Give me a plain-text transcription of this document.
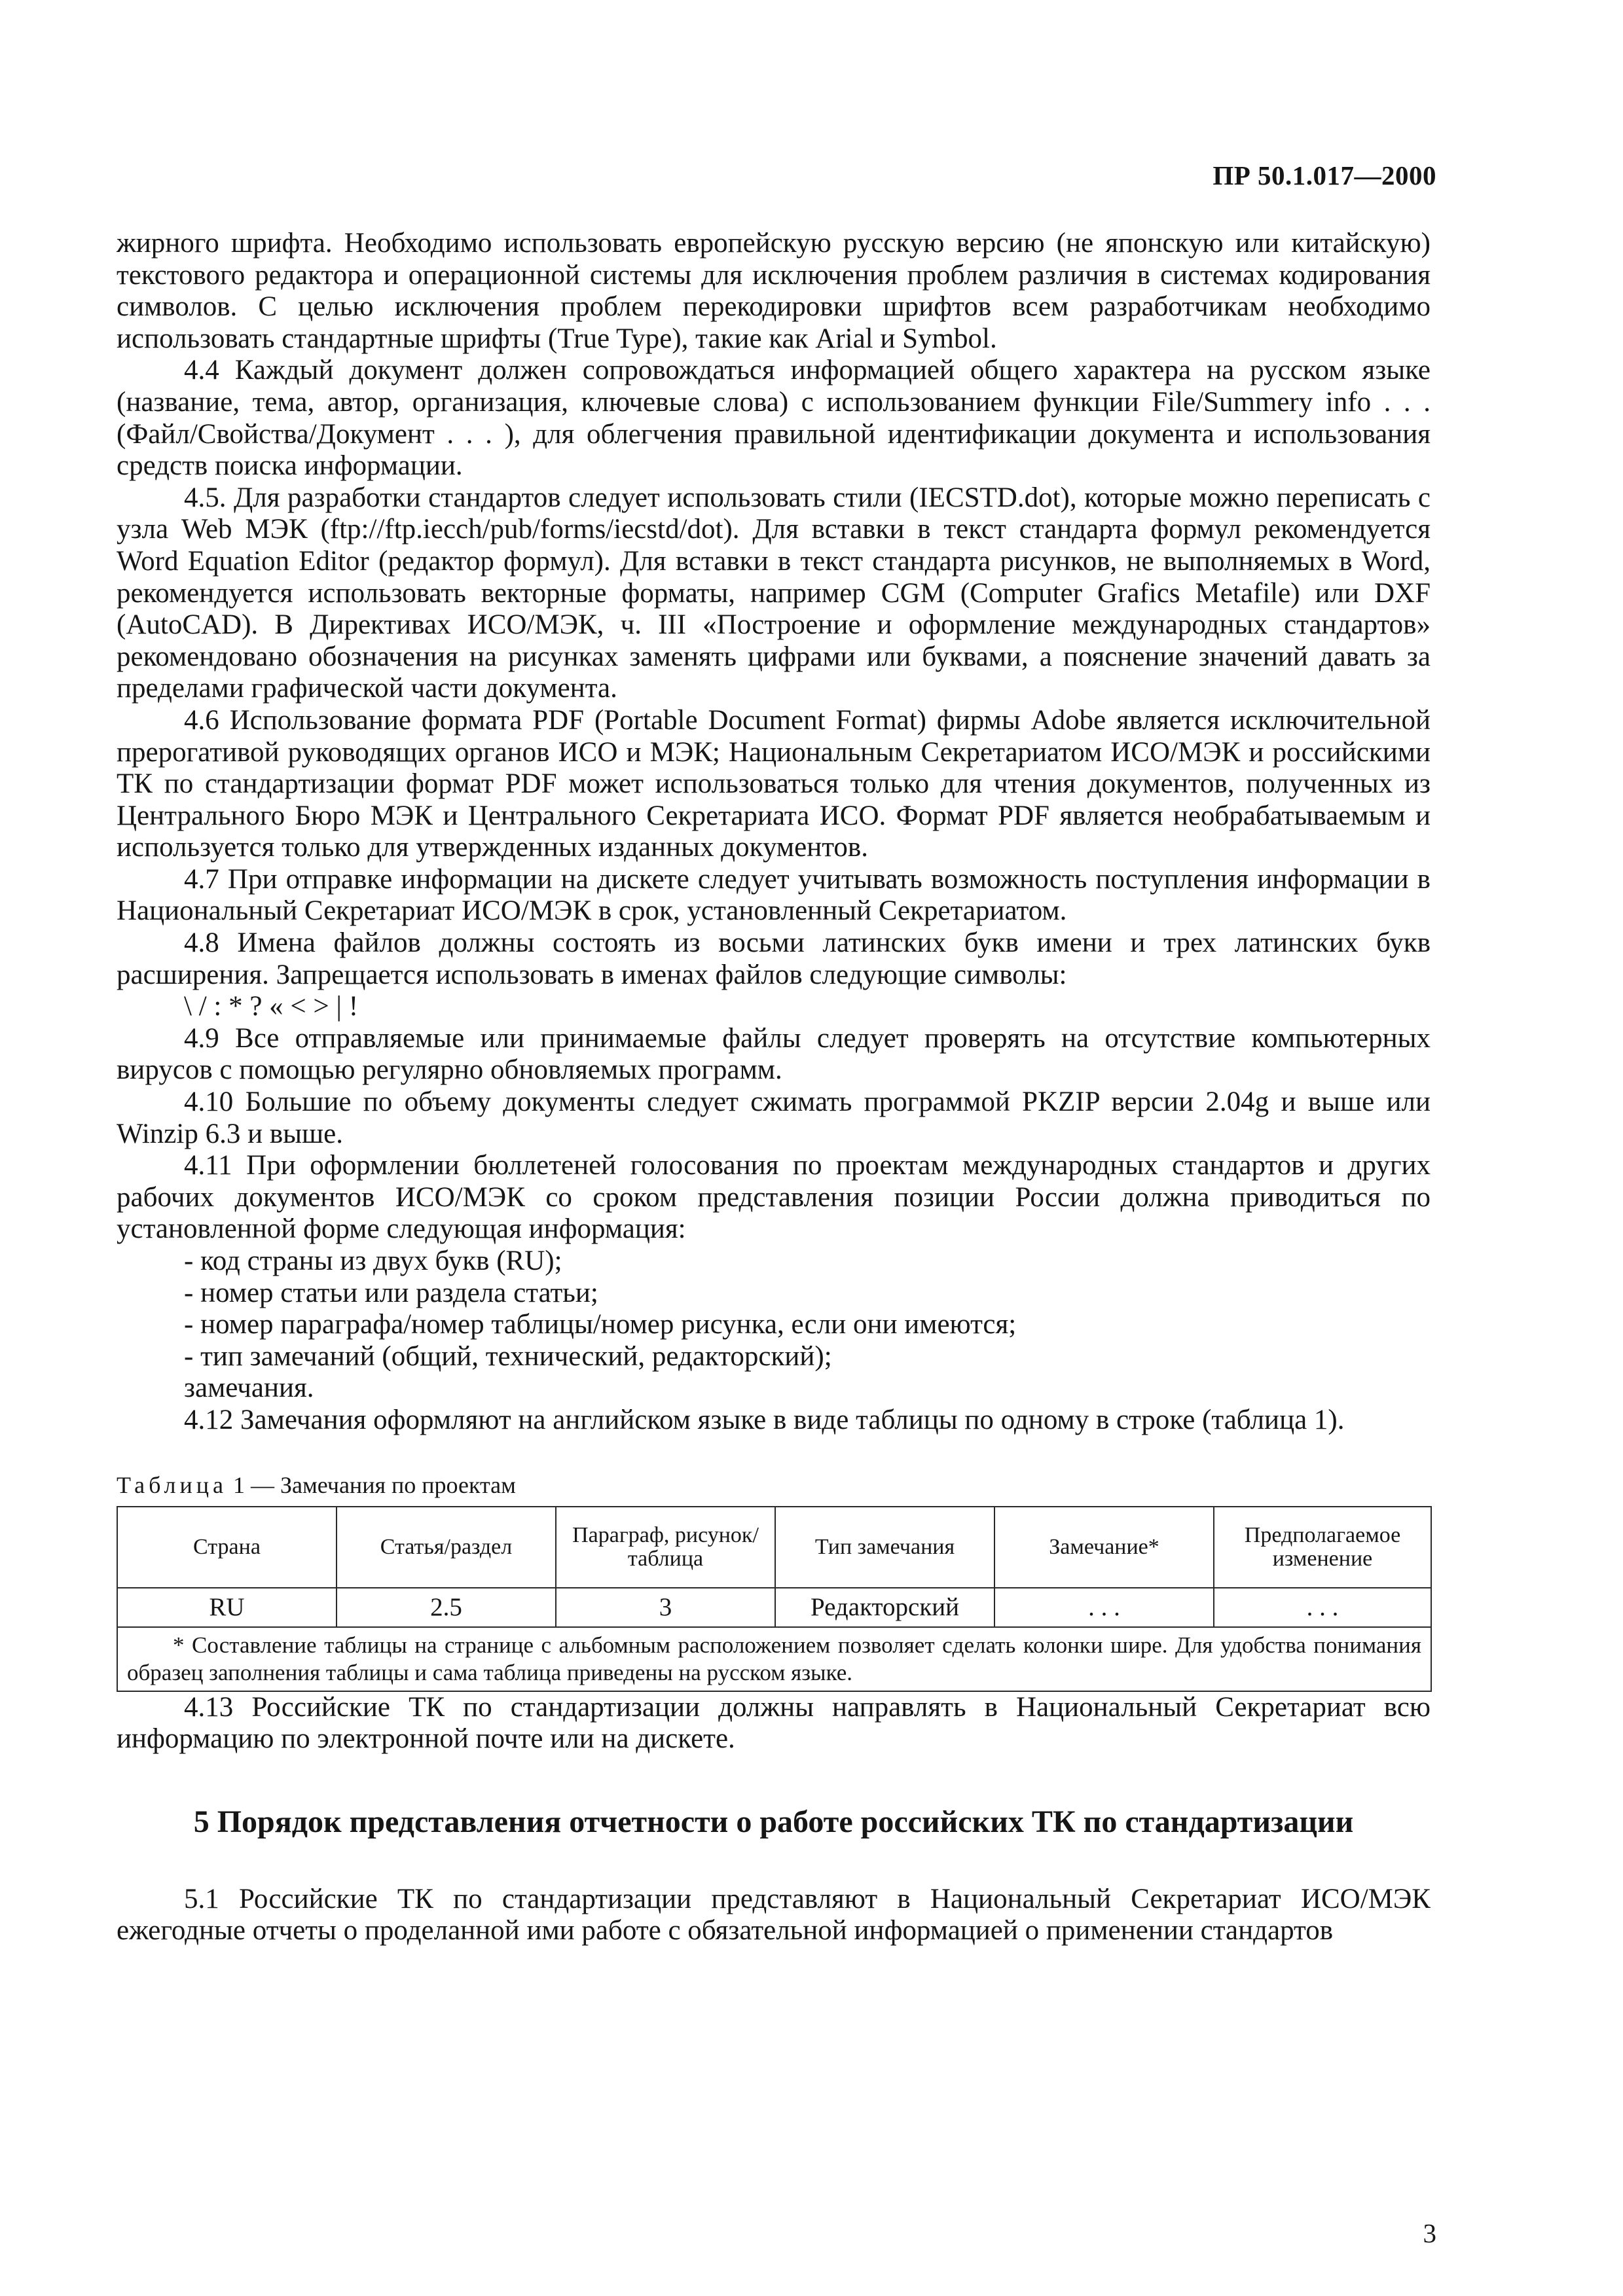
ПР 50.1.017—2000

жирного шрифта. Необходимо использовать европейскую русскую версию (не японскую или китайскую) текстового редактора и операционной системы для исключения проблем различия в системах кодирования символов. С целью исключения проблем перекодировки шрифтов всем разработчикам необходимо использовать стандартные шрифты (True Type), такие как Arial и Symbol.

4.4 Каждый документ должен сопровождаться информацией общего характера на русском языке (название, тема, автор, организация, ключевые слова) с использованием функции File/Summery info . . . (Файл/Свойства/Документ . . . ), для облегчения правильной идентификации документа и использования средств поиска информации.

4.5. Для разработки стандартов следует использовать стили (IECSTD.dot), которые можно переписать с узла Web МЭК (ftp://ftp.iecch/pub/forms/iecstd/dot). Для вставки в текст стандарта формул рекомендуется Word Equation Editor (редактор формул). Для вставки в текст стандарта рисунков, не выполняемых в Word, рекомендуется использовать векторные форматы, например CGM (Computer Grafics Metafile) или DXF (AutoCAD). В Директивах ИСО/МЭК, ч. III «Построение и оформление международных стандартов» рекомендовано обозначения на рисунках заменять цифрами или буквами, а пояснение значений давать за пределами графической части документа.

4.6 Использование формата PDF (Portable Document Format) фирмы Adobe является исключительной прерогативой руководящих органов ИСО и МЭК; Национальным Секретариатом ИСО/МЭК и российскими ТК по стандартизации формат PDF может использоваться только для чтения документов, полученных из Центрального Бюро МЭК и Центрального Секретариата ИСО. Формат PDF является необрабатываемым и используется только для утвержденных изданных документов.

4.7 При отправке информации на дискете следует учитывать возможность поступления информации в Национальный Секретариат ИСО/МЭК в срок, установленный Секретариатом.

4.8 Имена файлов должны состоять из восьми латинских букв имени и трех латинских букв расширения. Запрещается использовать в именах файлов следующие символы:

\ / : * ? « < > | !

4.9 Все отправляемые или принимаемые файлы следует проверять на отсутствие компьютерных вирусов с помощью регулярно обновляемых программ.

4.10 Большие по объему документы следует сжимать программой PKZIP версии 2.04g и выше или Winzip 6.3 и выше.

4.11 При оформлении бюллетеней голосования по проектам международных стандартов и других рабочих документов ИСО/МЭК со сроком представления позиции России должна приводиться по установленной форме следующая информация:

- код страны из двух букв (RU);

- номер статьи или раздела статьи;

- номер параграфа/номер таблицы/номер рисунка, если они имеются;

- тип замечаний (общий, технический, редакторский);

замечания.

4.12 Замечания оформляют на английском языке в виде таблицы по одному в строке (таблица 1).

Таблица 1 — Замечания по проектам
Страна	Статья/раздел	Параграф, рисунок/таблица	Тип замечания	Замечание*	Предполагаемое изменение
RU	2.5	3	Редакторский	. . .	. . .
* Составление таблицы на странице с альбомным расположением позволяет сделать колонки шире. Для удобства понимания образец заполнения таблицы и сама таблица приведены на русском языке.					

4.13 Российские ТК по стандартизации должны направлять в Национальный Секретариат всю информацию по электронной почте или на дискете.

5 Порядок представления отчетности о работе российских ТК по стандартизации

5.1 Российские ТК по стандартизации представляют в Национальный Секретариат ИСО/МЭК ежегодные отчеты о проделанной ими работе с обязательной информацией о применении стандартов

3
